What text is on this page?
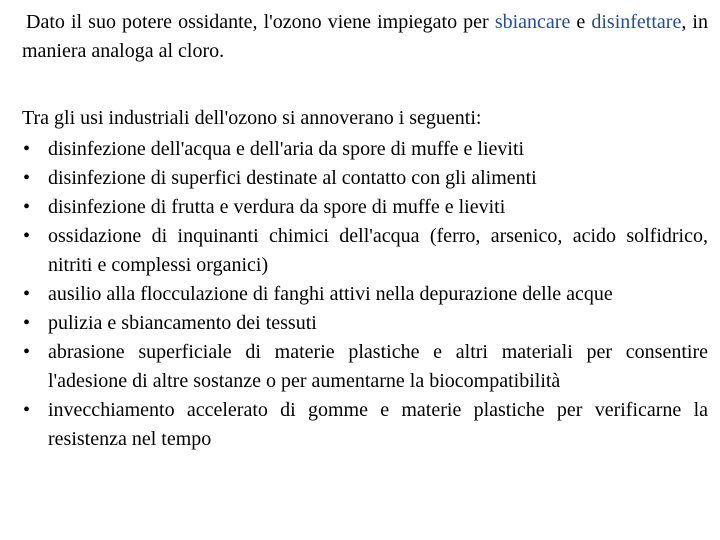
Dato il suo potere ossidante, l'ozono viene impiegato per sbiancare e disinfettare, in maniera analoga al cloro.

Tra gli usi industriali dell'ozono si annoverano i seguenti:

• disinfezione dell'acqua e dell'aria da spore di muffe e lieviti
• disinfezione di superfici destinate al contatto con gli alimenti
• disinfezione di frutta e verdura da spore di muffe e lieviti
• ossidazione di inquinanti chimici dell'acqua (ferro, arsenico, acido solfidrico, nitriti e complessi organici)
• ausilio alla flocculazione di fanghi attivi nella depurazione delle acque
• pulizia e sbiancamento dei tessuti
• abrasione superficiale di materie plastiche e altri materiali per consentire l'adesione di altre sostanze o per aumentarne la biocompatibilità
• invecchiamento accelerato di gomme e materie plastiche per verificarne la resistenza nel tempo
